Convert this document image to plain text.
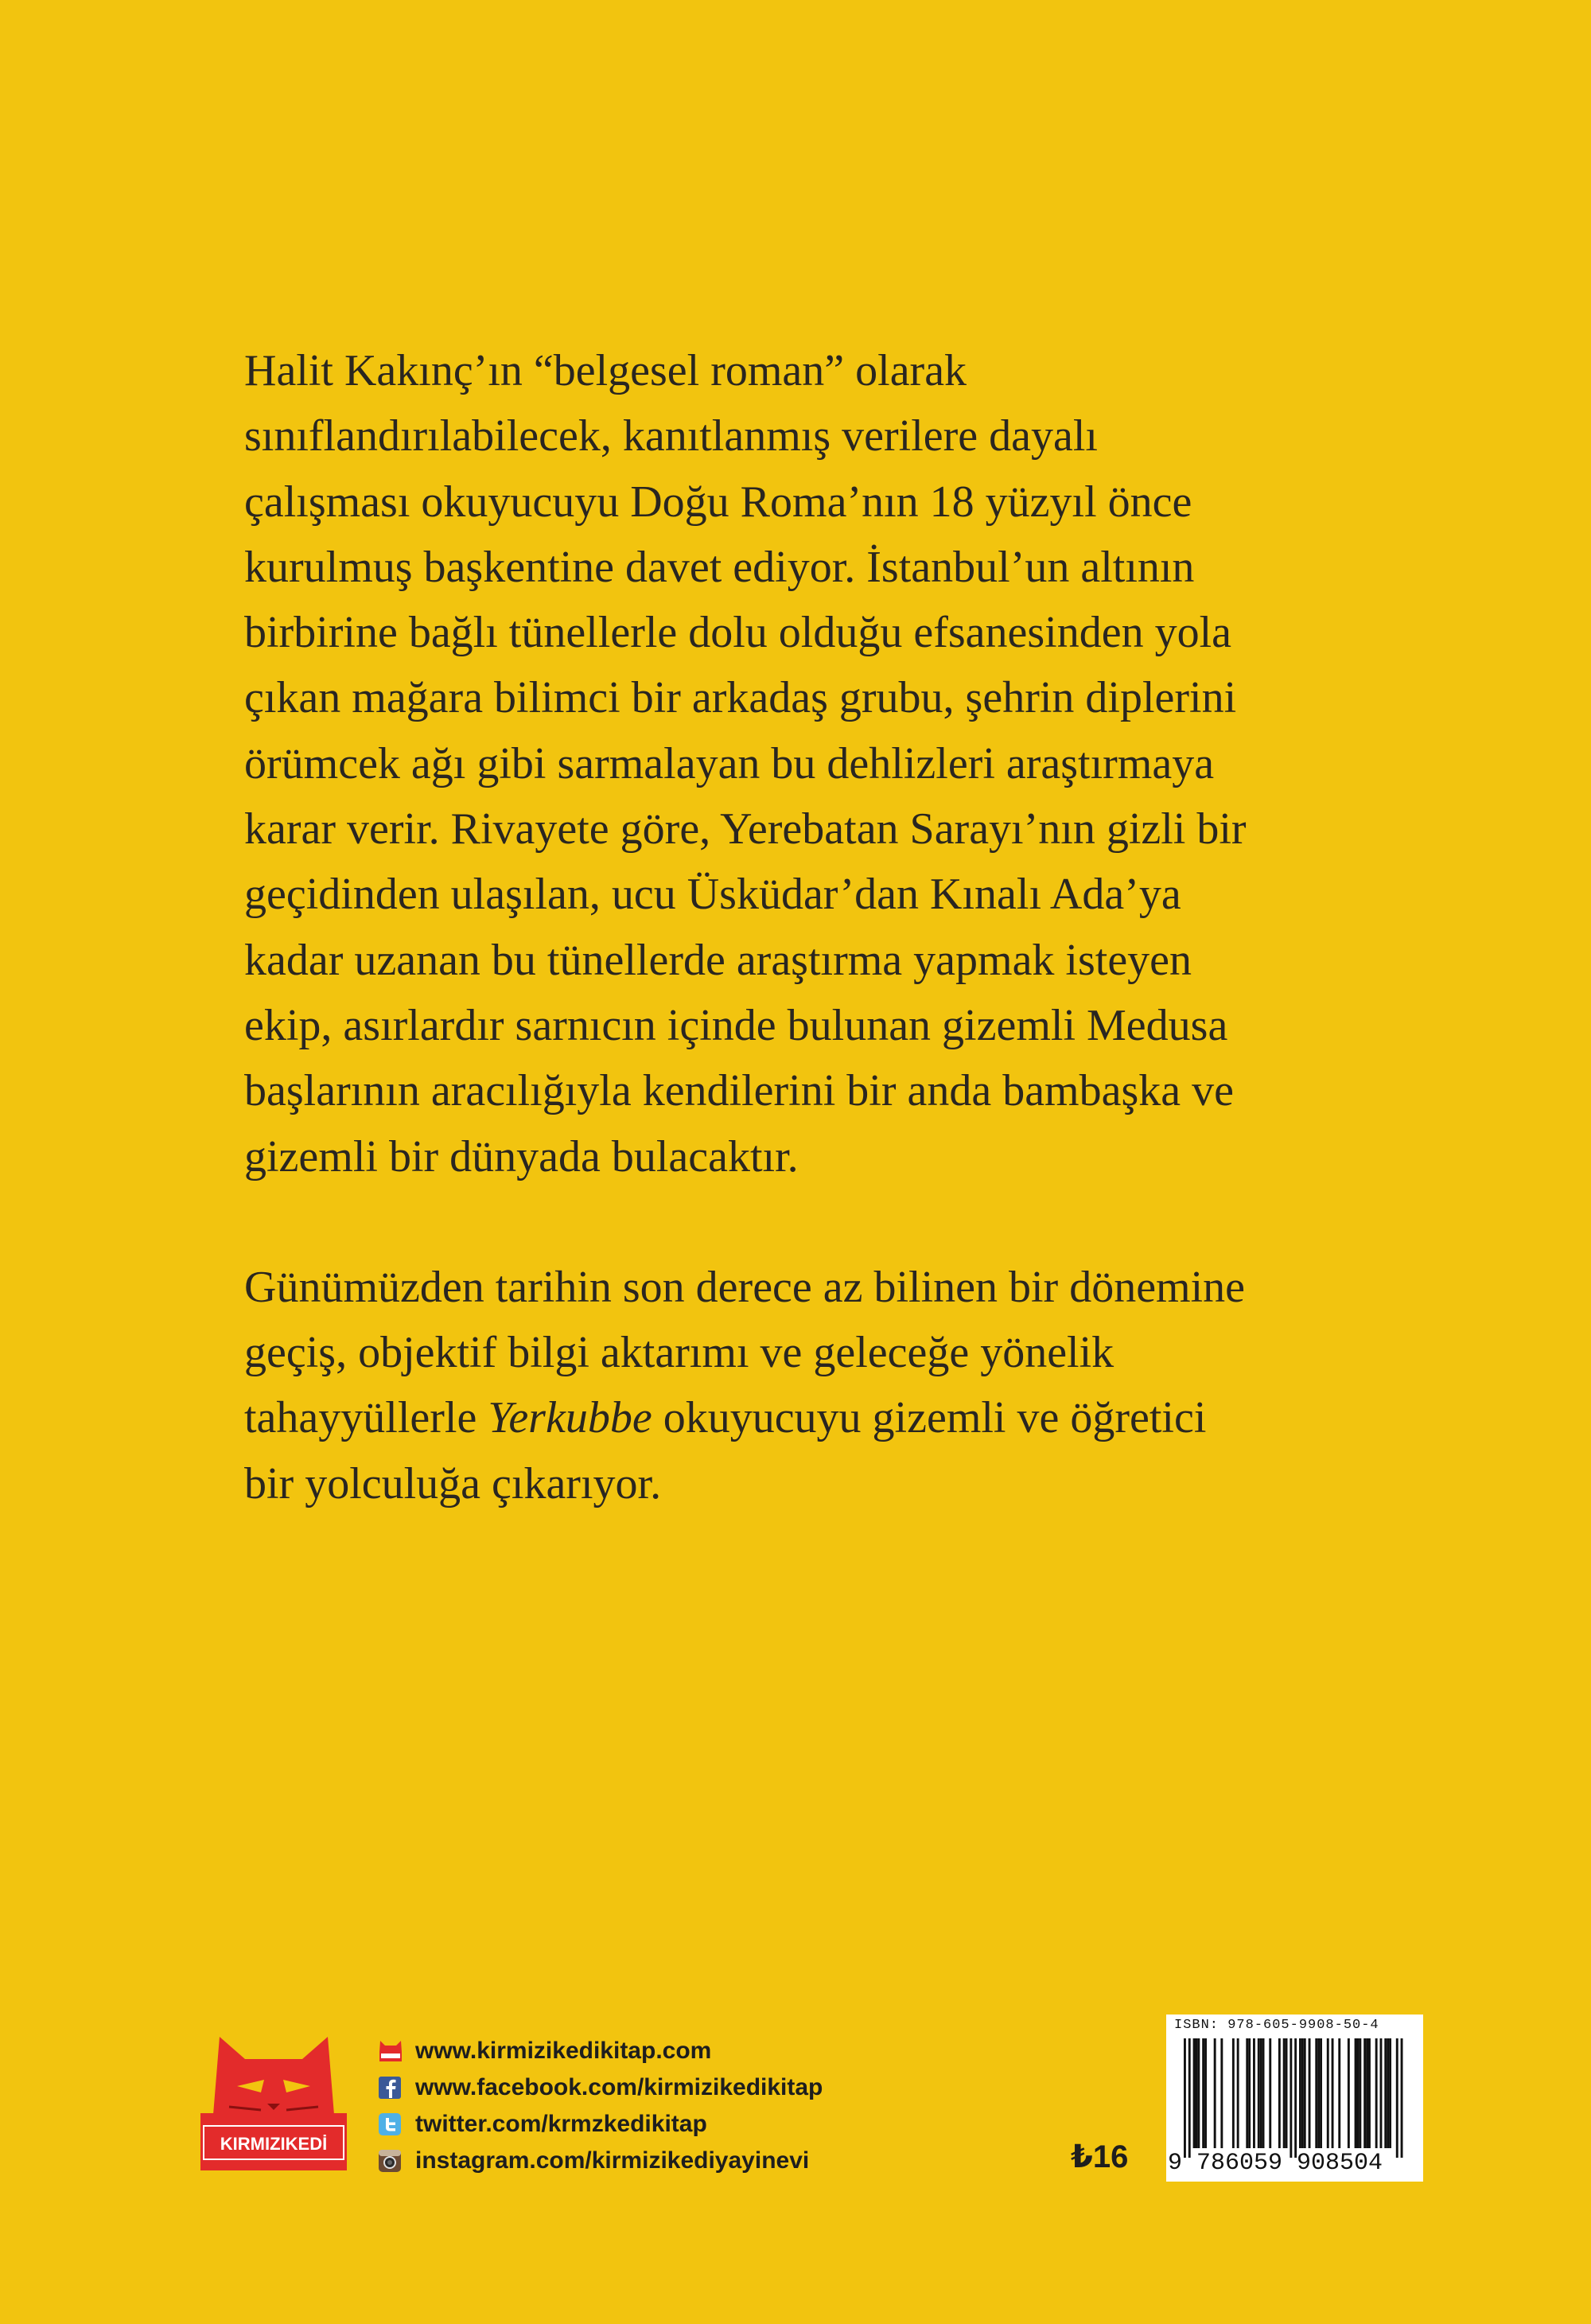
Halit Kakınç’ın “belgesel roman” olarak
sınıflandırılabilecek, kanıtlanmış verilere dayalı
çalışması okuyucuyu Doğu Roma’nın 18 yüzyıl önce
kurulmuş başkentine davet ediyor. İstanbul’un altının
birbirine bağlı tünellerle dolu olduğu efsanesinden yola
çıkan mağara bilimci bir arkadaş grubu, şehrin diplerini
örümcek ağı gibi sarmalayan bu dehlizleri araştırmaya
karar verir. Rivayete göre, Yerebatan Sarayı’nın gizli bir
geçidinden ulaşılan, ucu Üsküdar’dan Kınalı Ada’ya
kadar uzanan bu tünellerde araştırma yapmak isteyen
ekip, asırlardır sarnıcın içinde bulunan gizemli Medusa
başlarının aracılığıyla kendilerini bir anda bambaşka ve
gizemli bir dünyada bulacaktır.

Günümüzden tarihin son derece az bilinen bir dönemine
geçiş, objektif bilgi aktarımı ve geleceğe yönelik
tahayyüllerle Yerkubbe okuyucuyu gizemli ve öğretici
bir yolculuğa çıkarıyor.

KIRMIZIKEDİ
www.kirmizikedikitap.com
www.facebook.com/kirmizikedikitap
twitter.com/krmzkedikitap
instagram.com/kirmizikediyayinevi	₺16
ISBN: 978-605-9908-50-4
9 786059 908504
